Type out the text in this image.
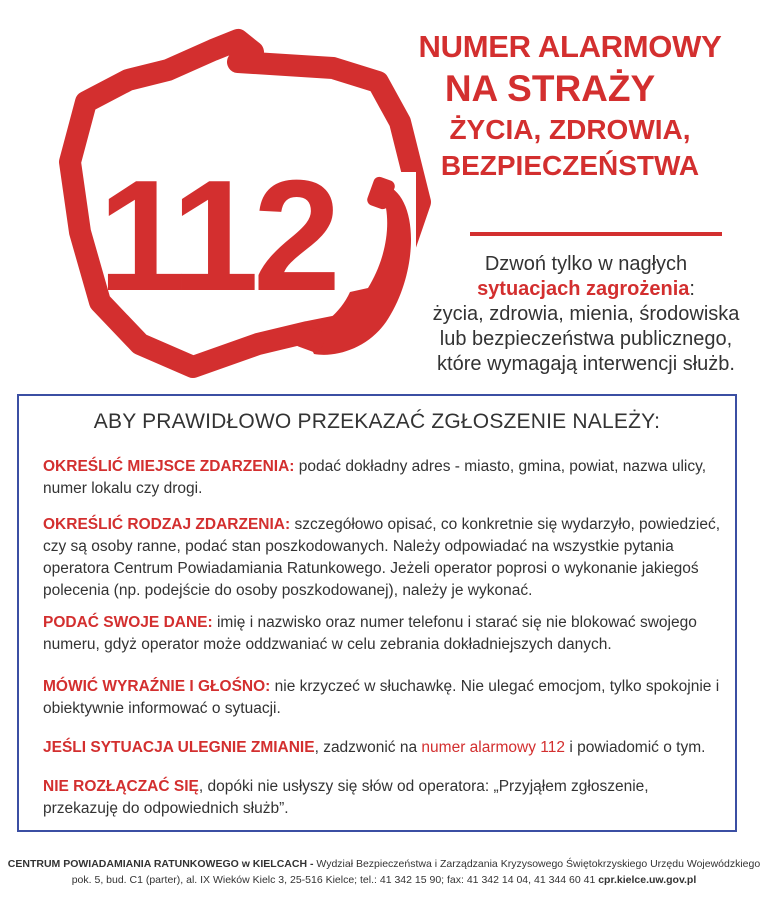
112
NUMER ALARMOWY
NA STRAŻY
ŻYCIA, ZDROWIA,
BEZPIECZEŃSTWA
Dzwoń tylko w nagłych
sytuacjach zagrożenia:
życia, zdrowia, mienia, środowiska
lub bezpieczeństwa publicznego,
które wymagają interwencji służb.
ABY PRAWIDŁOWO PRZEKAZAĆ ZGŁOSZENIE NALEŻY:
OKREŚLIĆ MIEJSCE ZDARZENIA: podać dokładny adres - miasto, gmina, powiat, nazwa ulicy, numer lokalu czy drogi.
OKREŚLIĆ RODZAJ ZDARZENIA: szczegółowo opisać, co konkretnie się wydarzyło, powiedzieć, czy są osoby ranne, podać stan poszkodowanych. Należy odpowiadać na wszystkie pytania operatora Centrum Powiadamiania Ratunkowego. Jeżeli operator poprosi o wykonanie jakiegoś polecenia (np. podejście do osoby poszkodowanej), należy je wykonać.
PODAĆ SWOJE DANE: imię i nazwisko oraz numer telefonu i starać się nie blokować swojego numeru, gdyż operator może oddzwaniać w celu zebrania dokładniejszych danych.
MÓWIĆ WYRAŹNIE I GŁOŚNO: nie krzyczeć w słuchawkę. Nie ulegać emocjom, tylko spokojnie i obiektywnie informować o sytuacji.
JEŚLI SYTUACJA ULEGNIE ZMIANIE, zadzwonić na numer alarmowy 112 i powiadomić o tym.
NIE ROZŁĄCZAĆ SIĘ, dopóki nie usłyszy się słów od operatora: „Przyjąłem zgłoszenie, przekazuję do odpowiednich służb”.
CENTRUM POWIADAMIANIA RATUNKOWEGO w KIELCACH - Wydział Bezpieczeństwa i Zarządzania Kryzysowego Świętokrzyskiego Urzędu Wojewódzkiego
pok. 5, bud. C1 (parter), al. IX Wieków Kielc 3, 25-516 Kielce; tel.: 41 342 15 90; fax: 41 342 14 04, 41 344 60 41 cpr.kielce.uw.gov.pl
